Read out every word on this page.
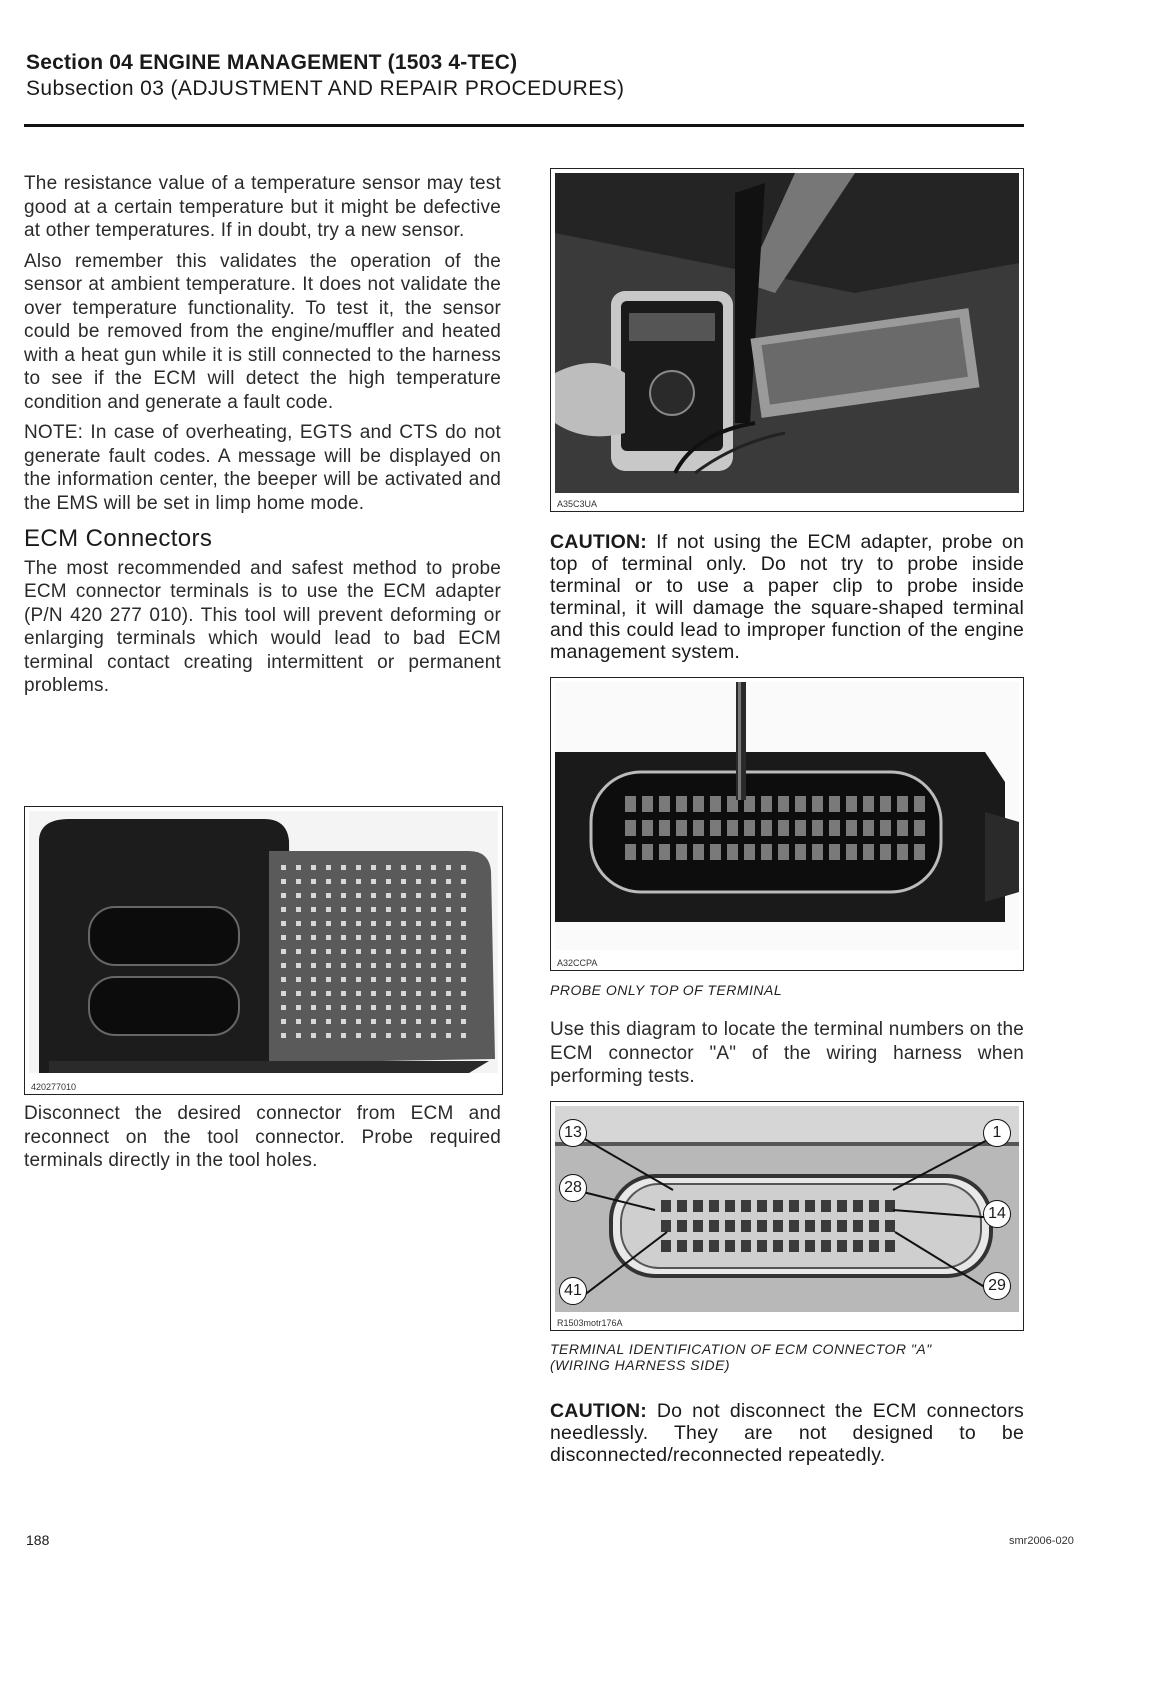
Section 04 ENGINE MANAGEMENT (1503 4-TEC)
Subsection 03 (ADJUSTMENT AND REPAIR PROCEDURES)

The resistance value of a temperature sensor may test good at a certain temperature but it might be defective at other temperatures. If in doubt, try a new sensor.

Also remember this validates the operation of the sensor at ambient temperature. It does not validate the over temperature functionality. To test it, the sensor could be removed from the engine/muffler and heated with a heat gun while it is still connected to the harness to see if the ECM will detect the high temperature condition and generate a fault code.

NOTE: In case of overheating, EGTS and CTS do not generate fault codes. A message will be displayed on the information center, the beeper will be activated and the EMS will be set in limp home mode.

ECM Connectors

The most recommended and safest method to probe ECM connector terminals is to use the ECM adapter (P/N 420 277 010). This tool will prevent deforming or enlarging terminals which would lead to bad ECM terminal contact creating intermittent or permanent problems.

420277010
Disconnect the desired connector from ECM and reconnect on the tool connector. Probe required terminals directly in the tool holes.
A35C3UA
CAUTION: If not using the ECM adapter, probe on top of terminal only. Do not try to probe inside terminal or to use a paper clip to probe inside terminal, it will damage the square-shaped terminal and this could lead to improper function of the engine management system.
A32CCPA
PROBE ONLY TOP OF TERMINAL
Use this diagram to locate the terminal numbers on the ECM connector "A" of the wiring harness when performing tests.
13	1
28
14
41	29
R1503motr176A
TERMINAL IDENTIFICATION OF ECM CONNECTOR "A"
(WIRING HARNESS SIDE)
CAUTION: Do not disconnect the ECM connectors needlessly. They are not designed to be disconnected/reconnected repeatedly.
188	smr2006-020
